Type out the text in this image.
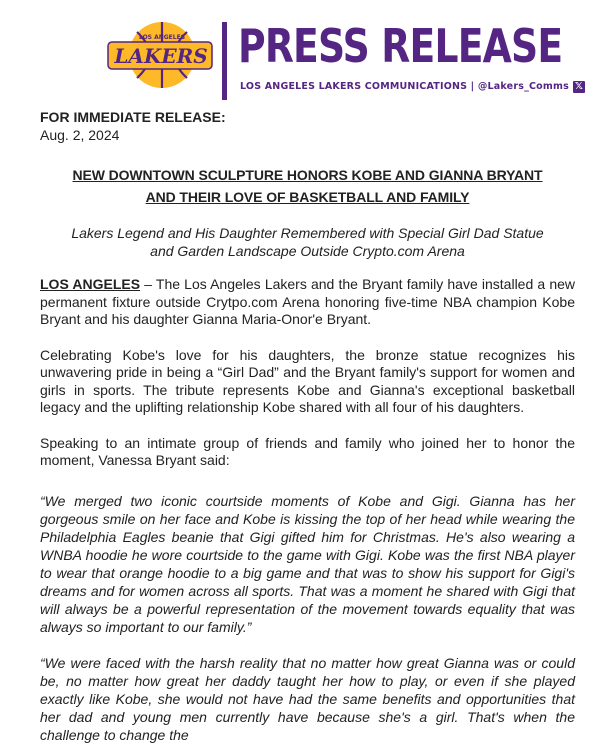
LOS ANGELES
LAKERS PRESS RELEASE
LOS ANGELES LAKERS COMMUNICATIONS | @Lakers_Comms 𝕏

FOR IMMEDIATE RELEASE:

Aug. 2, 2024

NEW DOWNTOWN SCULPTURE HONORS KOBE AND GIANNA BRYANT
AND THEIR LOVE OF BASKETBALL AND FAMILY

Lakers Legend and His Daughter Remembered with Special Girl Dad Statue
and Garden Landscape Outside Crypto.com Arena

LOS ANGELES – The Los Angeles Lakers and the Bryant family have installed a new permanent fixture outside Crytpo.com Arena honoring five-time NBA champion Kobe Bryant and his daughter Gianna Maria-Onor'e Bryant.

Celebrating Kobe's love for his daughters, the bronze statue recognizes his unwavering pride in being a “Girl Dad” and the Bryant family's support for women and girls in sports. The tribute represents Kobe and Gianna's exceptional basketball legacy and the uplifting relationship Kobe shared with all four of his daughters.

Speaking to an intimate group of friends and family who joined her to honor the moment, Vanessa Bryant said:

“We merged two iconic courtside moments of Kobe and Gigi. Gianna has her gorgeous smile on her face and Kobe is kissing the top of her head while wearing the Philadelphia Eagles beanie that Gigi gifted him for Christmas. He's also wearing a WNBA hoodie he wore courtside to the game with Gigi. Kobe was the first NBA player to wear that orange hoodie to a big game and that was to show his support for Gigi's dreams and for women across all sports. That was a moment he shared with Gigi that will always be a powerful representation of the movement towards equality that was always so important to our family.”

“We were faced with the harsh reality that no matter how great Gianna was or could be, no matter how great her daddy taught her how to play, or even if she played exactly like Kobe, she would not have had the same benefits and opportunities that her dad and young men currently have because she's a girl. That's when the challenge to change the
